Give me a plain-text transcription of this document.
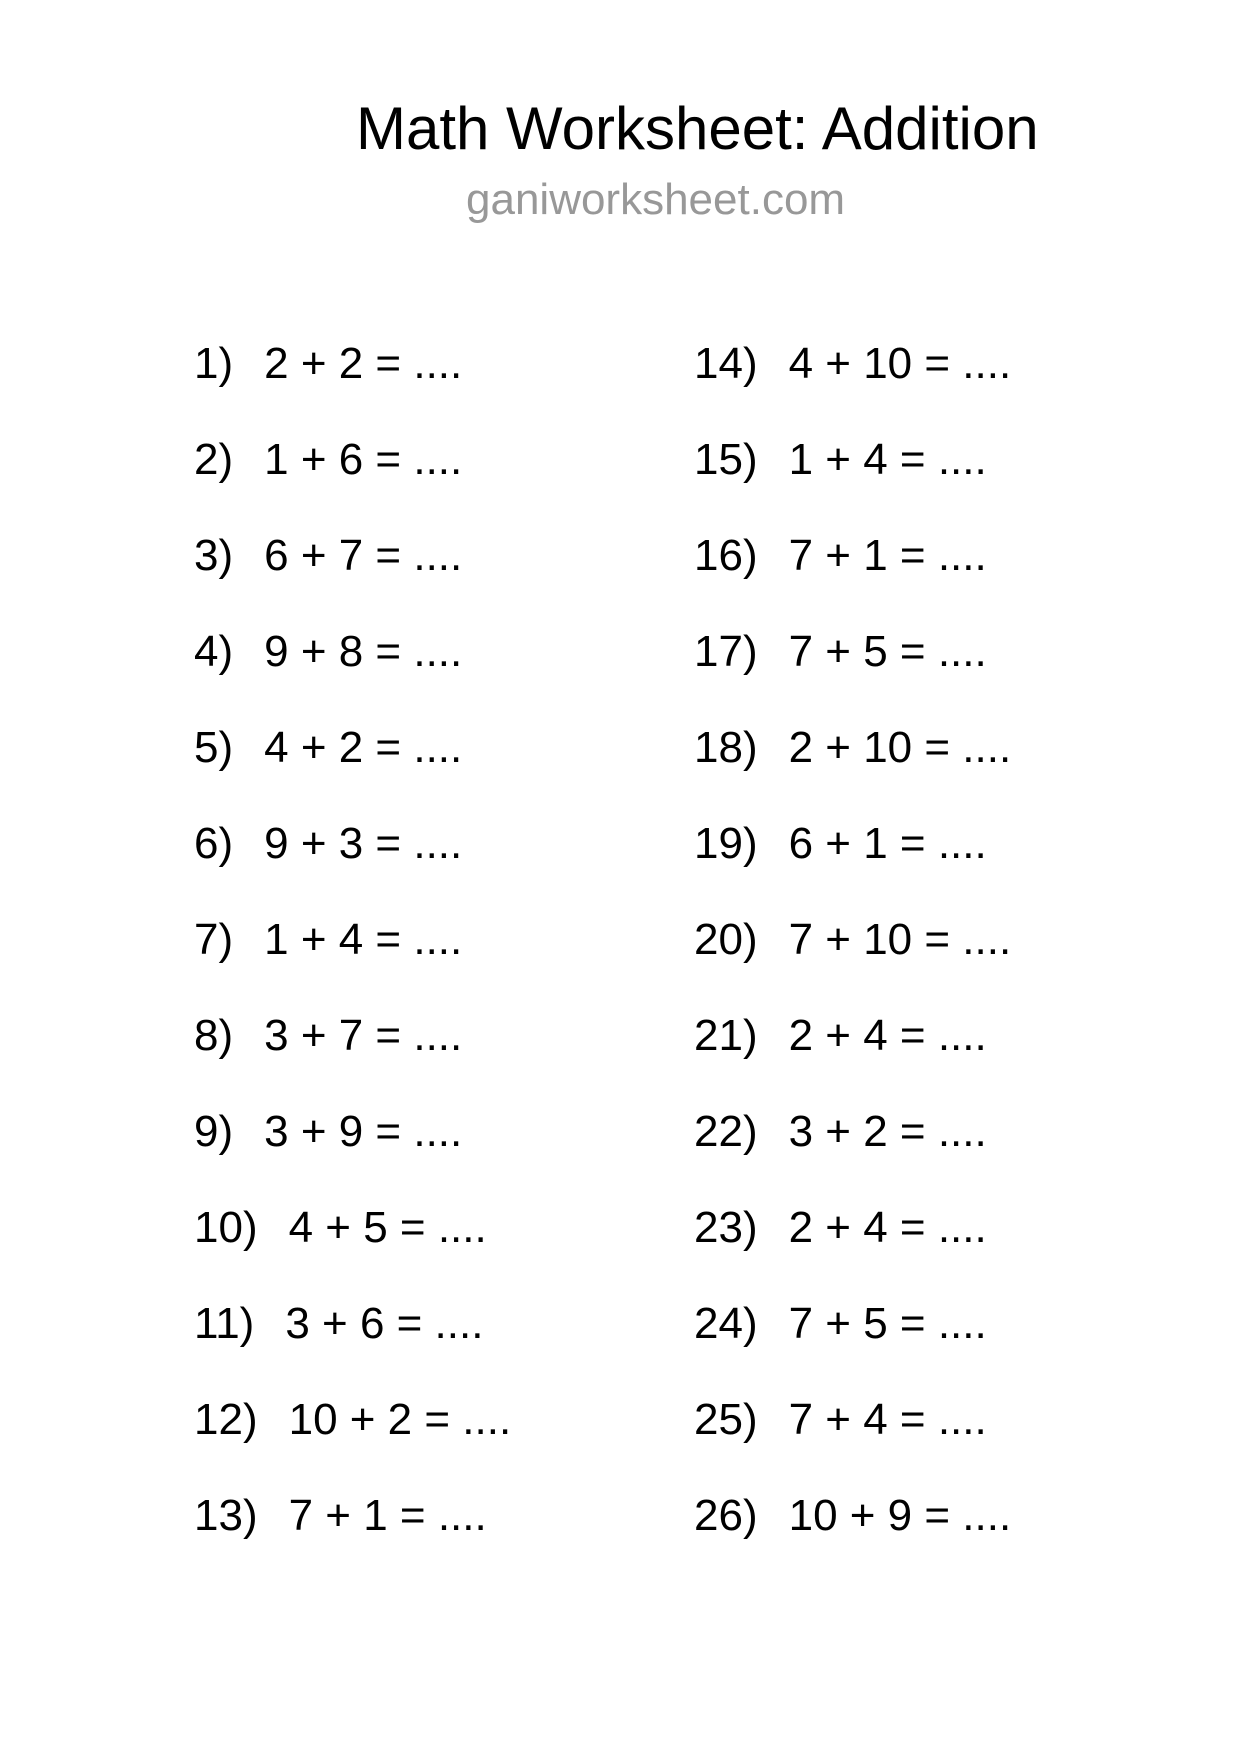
Math Worksheet: Addition
ganiworksheet.com
1) 2 + 2 = ....
2) 1 + 6 = ....
3) 6 + 7 = ....
4) 9 + 8 = ....
5) 4 + 2 = ....
6) 9 + 3 = ....
7) 1 + 4 = ....
8) 3 + 7 = ....
9) 3 + 9 = ....
10) 4 + 5 = ....
11) 3 + 6 = ....
12) 10 + 2 = ....
13) 7 + 1 = ....
14) 4 + 10 = ....
15) 1 + 4 = ....
16) 7 + 1 = ....
17) 7 + 5 = ....
18) 2 + 10 = ....
19) 6 + 1 = ....
20) 7 + 10 = ....
21) 2 + 4 = ....
22) 3 + 2 = ....
23) 2 + 4 = ....
24) 7 + 5 = ....
25) 7 + 4 = ....
26) 10 + 9 = ....
